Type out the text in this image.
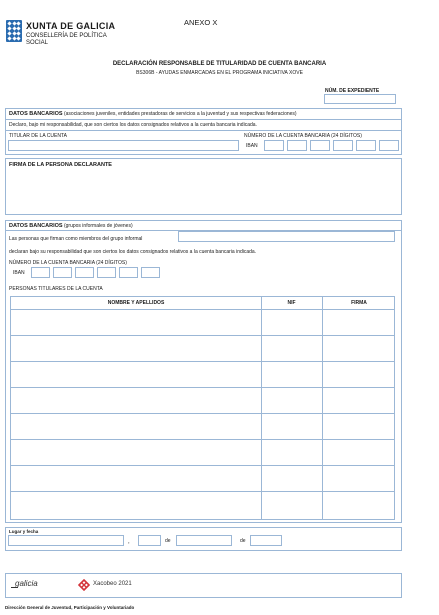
XUNTA DE GALICIA
CONSELLERÍA DE POLÍTICA
SOCIAL
ANEXO X
DECLARACIÓN RESPONSABLE DE TITULARIDAD DE CUENTA BANCARIA
BS306B - AYUDAS ENMARCADAS EN EL PROGRAMA INICIATIVA XOVE
NÚM. DE EXPEDIENTE
DATOS BANCARIOS (asociaciones juveniles, entidades prestadoras de servicios a la juventud y sus respectivas federaciones)
Declaro, bajo mi responsabilidad, que son ciertos los datos consignados relativos a la cuenta bancaria indicada.
TITULAR DE LA CUENTA	NÚMERO DE LA CUENTA BANCARIA (24 DÍGITOS)
IBAN
FIRMA DE LA PERSONA DECLARANTE
DATOS BANCARIOS (grupos informales de jóvenes)
Las personas que firman como miembros del grupo informal
declaran bajo su responsabilidad que son ciertos los datos consignados relativos a la cuenta bancaria indicada.
NÚMERO DE LA CUENTA BANCARIA (24 DÍGITOS)
IBAN
PERSONAS TITULARES DE LA CUENTA
NOMBRE Y APELLIDOS	NIF	FIRMA
Lugar y fecha
,	de	de
galicia	Xacobeo 2021
Dirección General de Juventud, Participación y Voluntariado
